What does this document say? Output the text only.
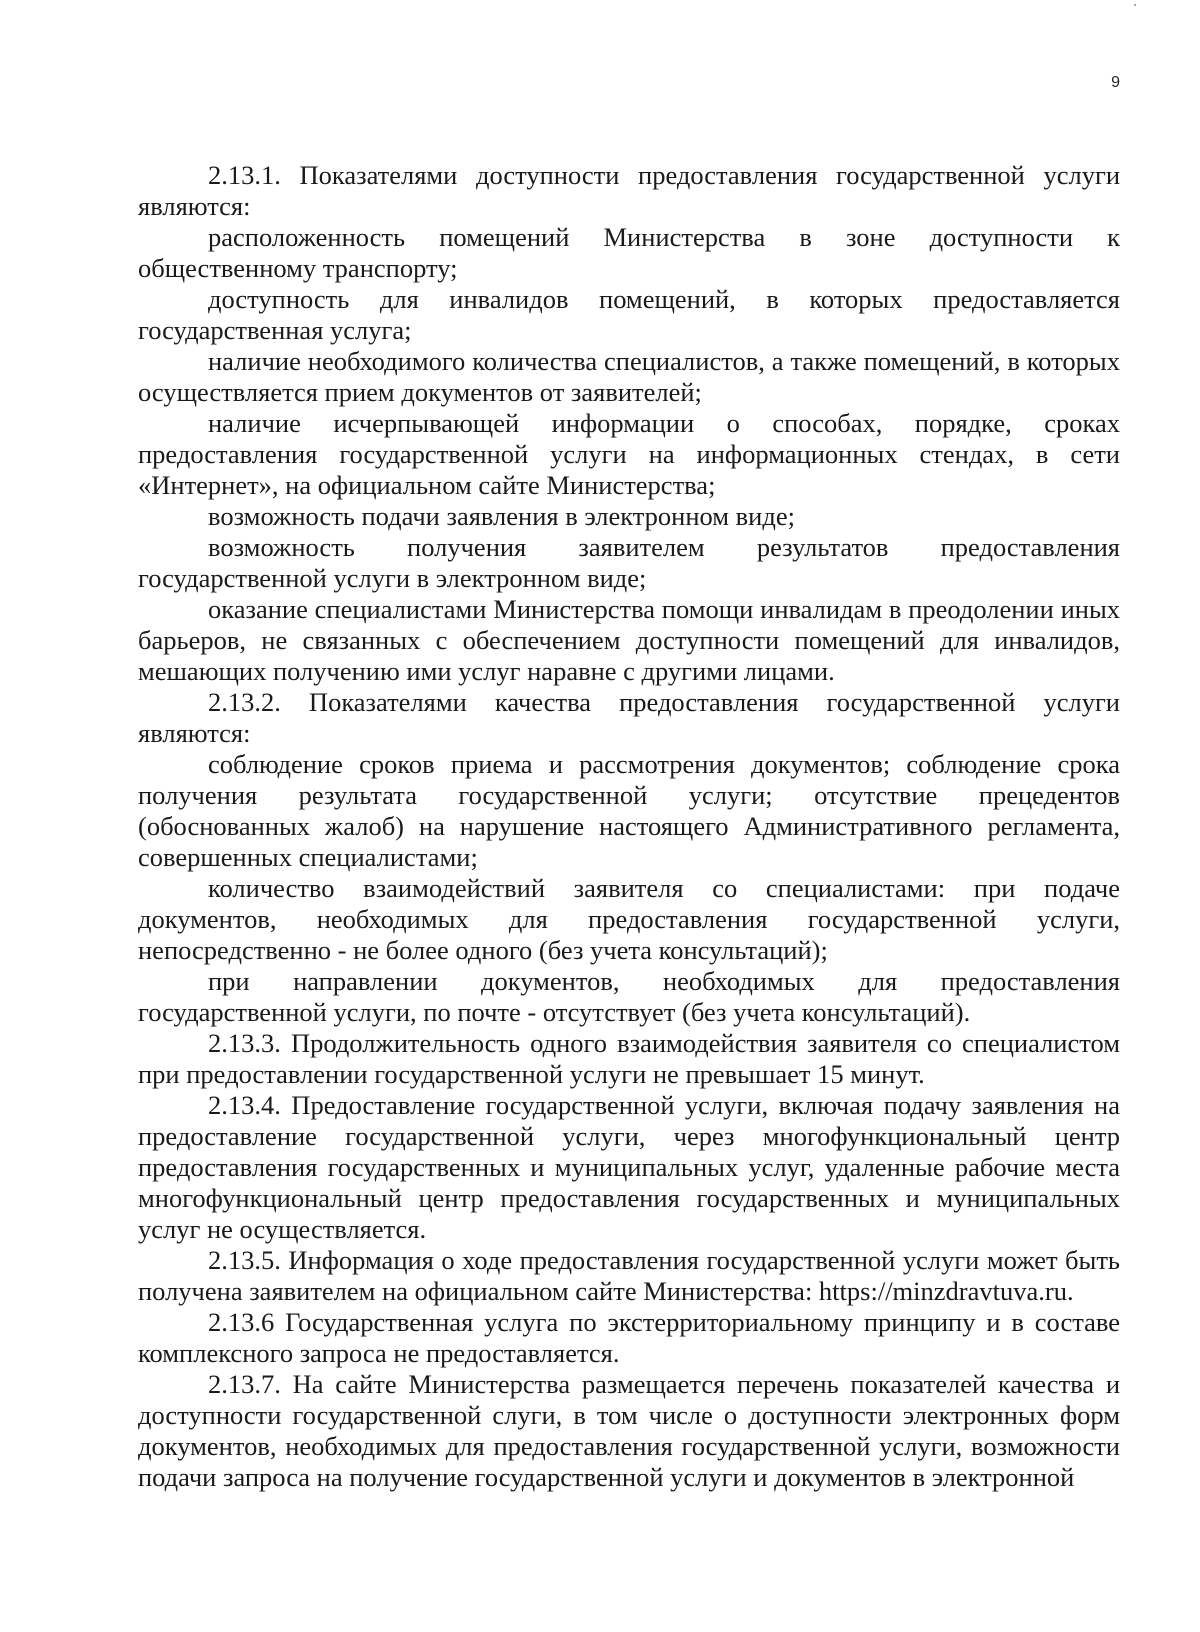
9

2.13.1. Показателями доступности предоставления государственной услуги являются:

расположенность помещений Министерства в зоне доступности к общественному транспорту;

доступность для инвалидов помещений, в которых предоставляется государственная услуга;

наличие необходимого количества специалистов, а также помещений, в которых осуществляется прием документов от заявителей;

наличие исчерпывающей информации о способах, порядке, сроках предоставления государственной услуги на информационных стендах, в сети «Интернет», на официальном сайте Министерства;

возможность подачи заявления в электронном виде;

возможность получения заявителем результатов предоставления государственной услуги в электронном виде;

оказание специалистами Министерства помощи инвалидам в преодолении иных барьеров, не связанных с обеспечением доступности помещений для инвалидов, мешающих получению ими услуг наравне с другими лицами.

2.13.2. Показателями качества предоставления государственной услуги являются:

соблюдение сроков приема и рассмотрения документов; соблюдение срока получения результата государственной услуги; отсутствие прецедентов (обоснованных жалоб) на нарушение настоящего Административного регламента, совершенных специалистами;

количество взаимодействий заявителя со специалистами: при подаче документов, необходимых для предоставления государственной услуги, непосредственно - не более одного (без учета консультаций);

при направлении документов, необходимых для предоставления государственной услуги, по почте - отсутствует (без учета консультаций).

2.13.3. Продолжительность одного взаимодействия заявителя со специалистом при предоставлении государственной услуги не превышает 15 минут.

2.13.4. Предоставление государственной услуги, включая подачу заявления на предоставление государственной услуги, через многофункциональный центр предоставления государственных и муниципальных услуг, удаленные рабочие места многофункциональный центр предоставления государственных и муниципальных услуг не осуществляется.

2.13.5. Информация о ходе предоставления государственной услуги может быть получена заявителем на официальном сайте Министерства: https://minzdravtuva.ru.

2.13.6 Государственная услуга по экстерриториальному принципу и в составе комплексного запроса не предоставляется.

2.13.7. На сайте Министерства размещается перечень показателей качества и доступности государственной слуги, в том числе о доступности электронных форм документов, необходимых для предоставления государственной услуги, возможности подачи запроса на получение государственной услуги и документов в электронной
